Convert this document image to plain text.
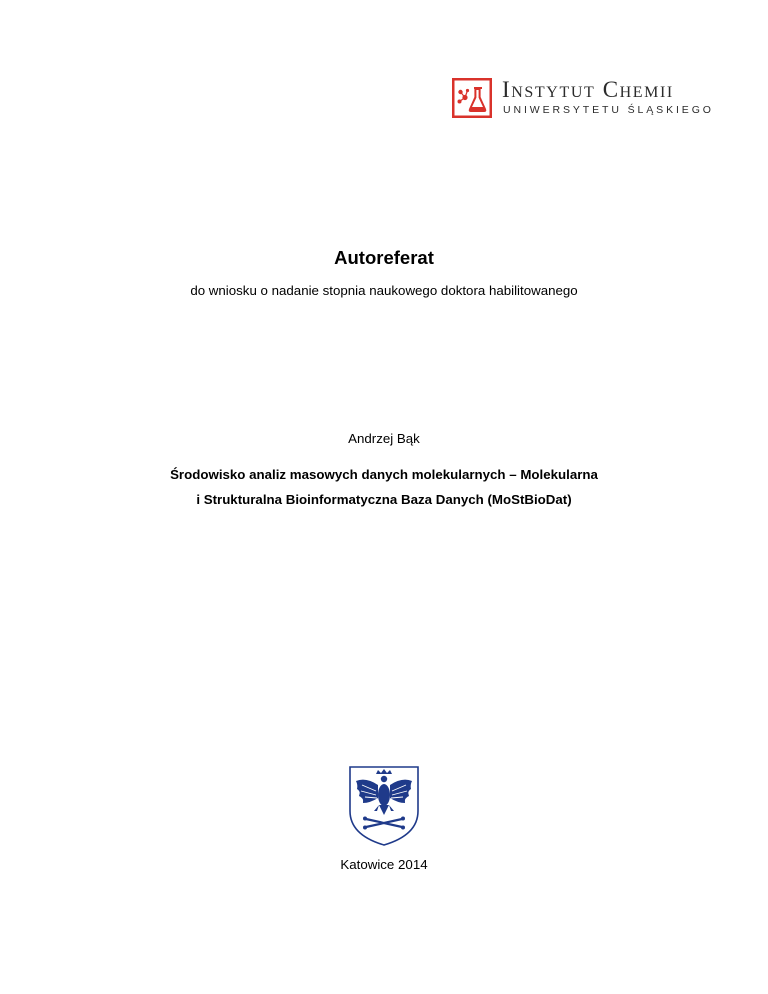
Instytut Chemii
UNIWERSYTETU ŚLĄSKIEGO
Autoreferat
do wniosku o nadanie stopnia naukowego doktora habilitowanego
Andrzej Bąk
Środowisko analiz masowych danych molekularnych – Molekularna
i Strukturalna Bioinformatyczna Baza Danych (MoStBioDat)
Katowice 2014
